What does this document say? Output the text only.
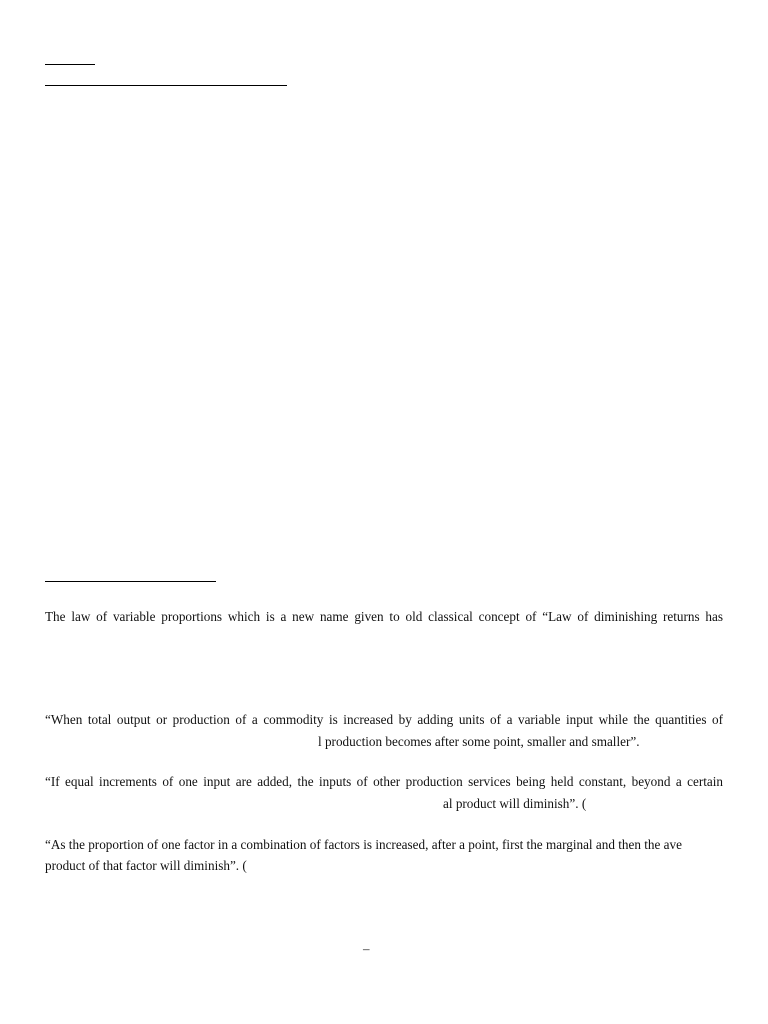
The law of variable proportions which is a new name given to old classical concept of “Law of diminishing returns has
“When total output or production of a commodity is increased by adding units of a variable input while the quantities of
l production becomes after some point, smaller and smaller”.
“If equal increments of one input are added, the inputs of other production services being held constant, beyond a certain
al product will diminish”. (
“As the proportion of one factor in a combination of factors is increased, after a point, first the marginal and then the ave
product of that factor will diminish”. (
–
